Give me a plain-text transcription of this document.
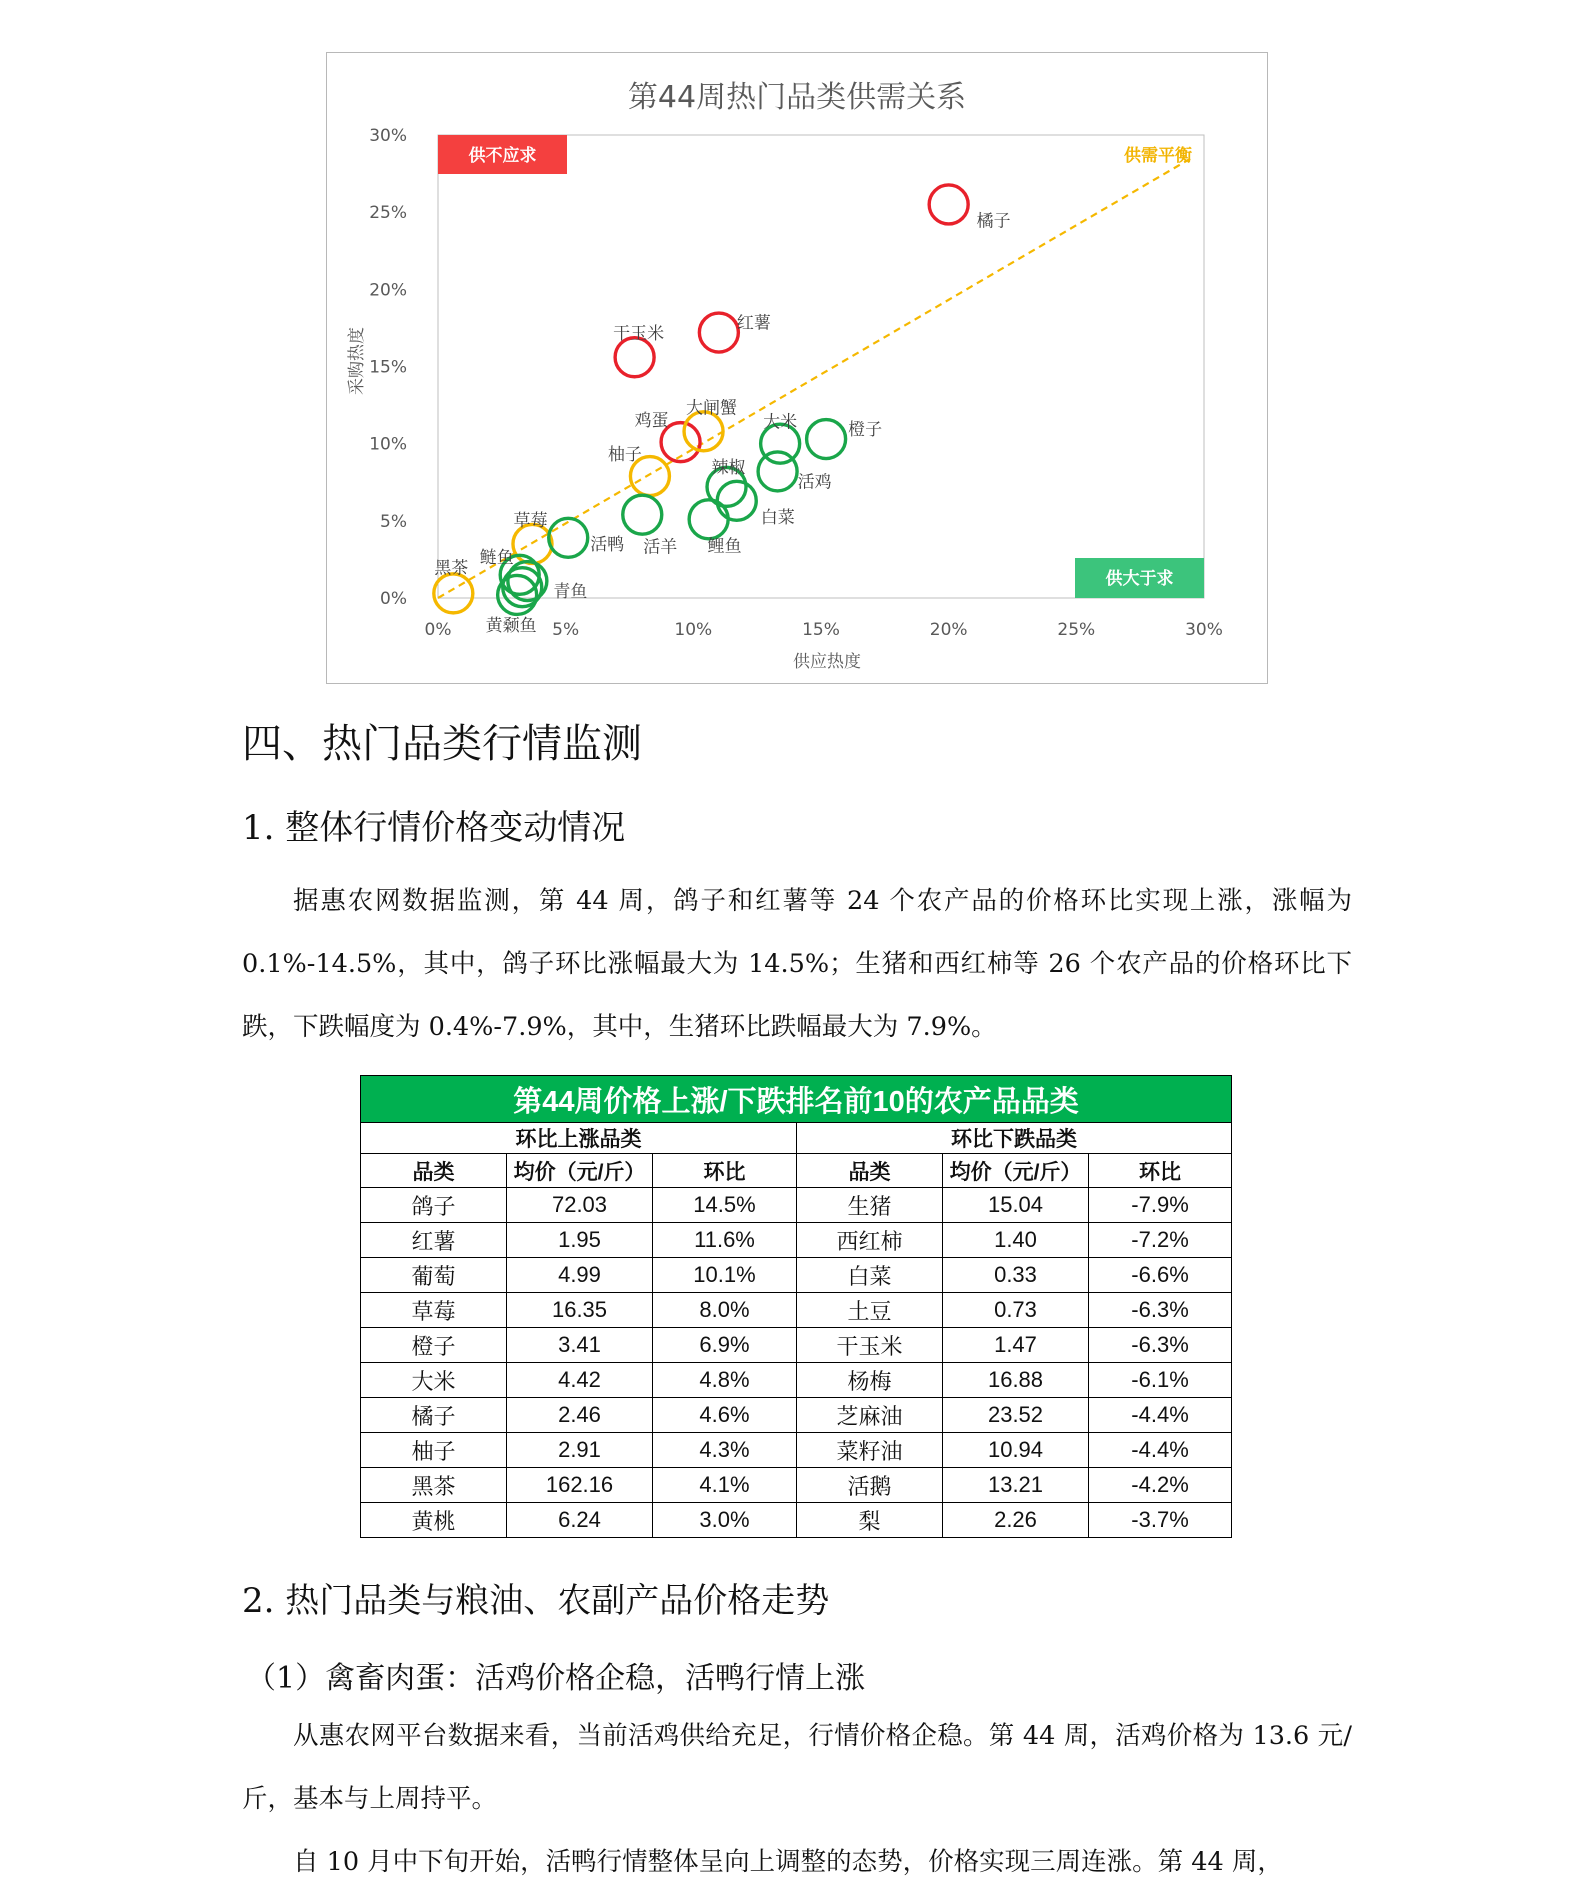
第44周热门品类供需关系
0%
5%
10%
15%
20%
25%
30%
0%	5%	10%	15%	20%	25%	30%
供应热度
采购热度
供不应求
供大于求
供需平衡
橘子
干玉米
红薯
鸡蛋
大闸蟹
柚子
草莓
黑茶
大米	橙子
活鸡
辣椒
白菜
鲤鱼
活羊
活鸭
鲢鱼
青鱼
黄颡鱼
四、热门品类行情监测
1. 整体行情价格变动情况

据惠农网数据监测，第 44 周，鸽子和红薯等 24 个农产品的价格环比实现上涨，涨幅为 0.1%-14.5%，其中，鸽子环比涨幅最大为 14.5%；生猪和西红柿等 26 个农产品的价格环比下跌，下跌幅度为 0.4%-7.9%，其中，生猪环比跌幅最大为 7.9%。

第44周价格上涨/下跌排名前10的农产品品类					
环比上涨品类			环比下跌品类		
品类	均价（元/斤）	环比	品类	均价（元/斤）	环比
鸽子	72.03	14.5%	生猪	15.04	-7.9%
红薯	1.95	11.6%	西红柿	1.40	-7.2%
葡萄	4.99	10.1%	白菜	0.33	-6.6%
草莓	16.35	8.0%	土豆	0.73	-6.3%
橙子	3.41	6.9%	干玉米	1.47	-6.3%
大米	4.42	4.8%	杨梅	16.88	-6.1%
橘子	2.46	4.6%	芝麻油	23.52	-4.4%
柚子	2.91	4.3%	菜籽油	10.94	-4.4%
黑茶	162.16	4.1%	活鹅	13.21	-4.2%
黄桃	6.24	3.0%	梨	2.26	-3.7%
2. 热门品类与粮油、农副产品价格走势
（1）禽畜肉蛋：活鸡价格企稳，活鸭行情上涨

从惠农网平台数据来看，当前活鸡供给充足，行情价格企稳。第 44 周，活鸡价格为 13.6 元/斤，基本与上周持平。

自 10 月中下旬开始，活鸭行情整体呈向上调整的态势，价格实现三周连涨。第 44 周，
